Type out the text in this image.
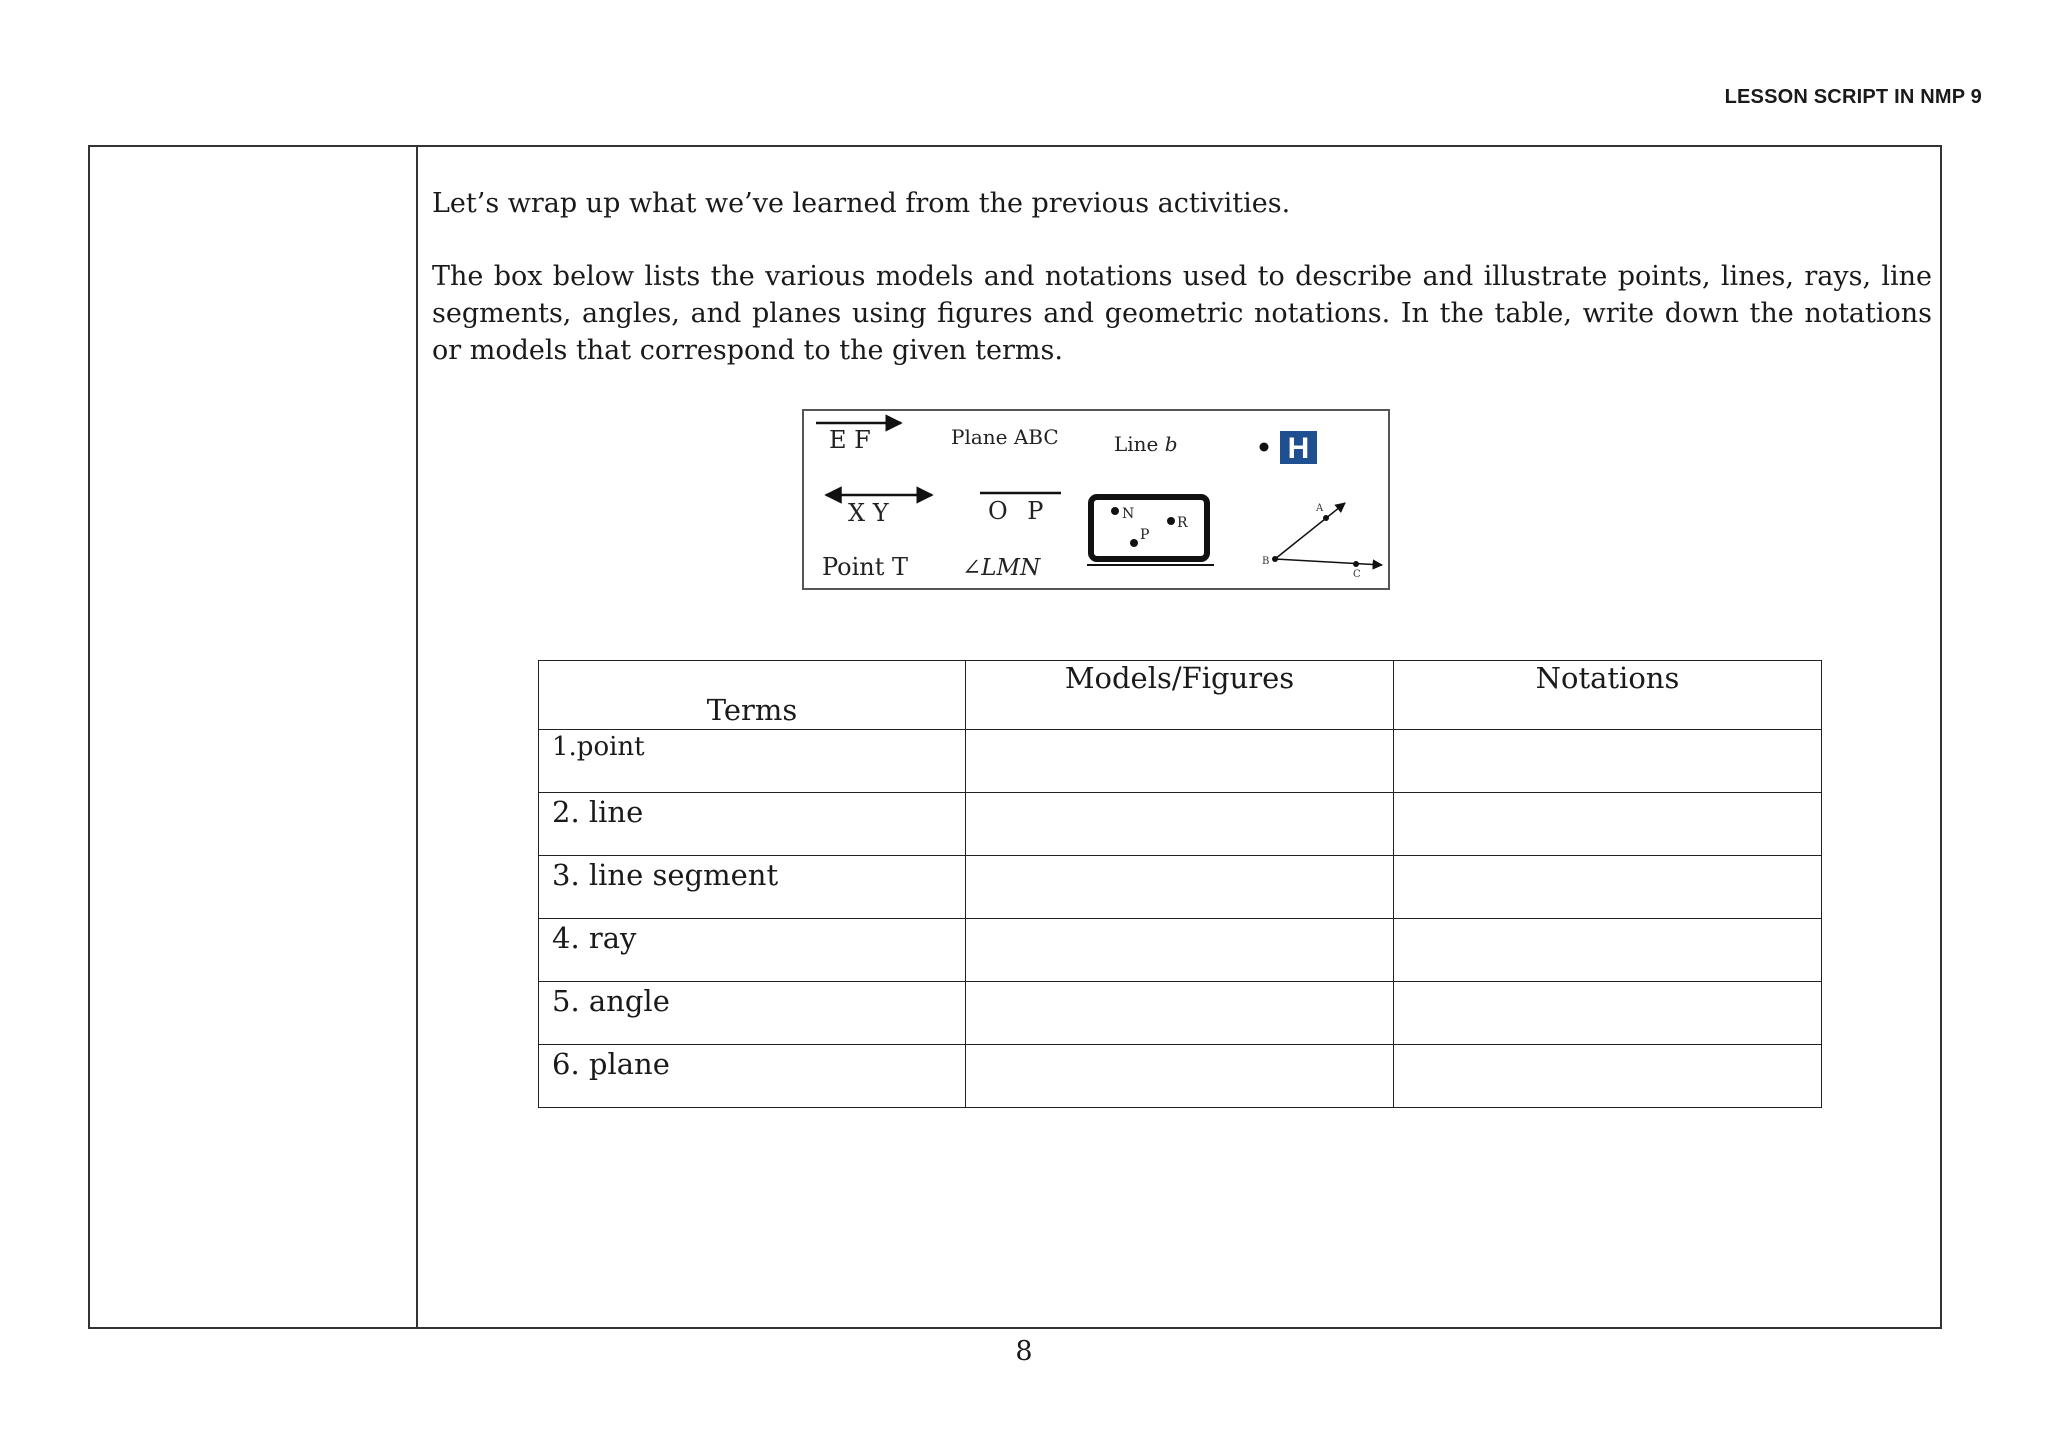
LESSON SCRIPT IN NMP 9

Let’s wrap up what we’ve learned from the previous activities.

The box below lists the various models and notations used to describe and illustrate points, lines, rays, line segments, angles, and planes using figures and geometric notations. In the table, write down the notations or models that correspond to the given terms.

E F	Plane ABC	Line b	H
X Y	O P	N
R
P
A
B
C
Point T ∠LMN
Terms	Models/Figures	Notations

1.point		

2. line		

3. line segment		

4. ray		

5. angle		

6. plane		

8
